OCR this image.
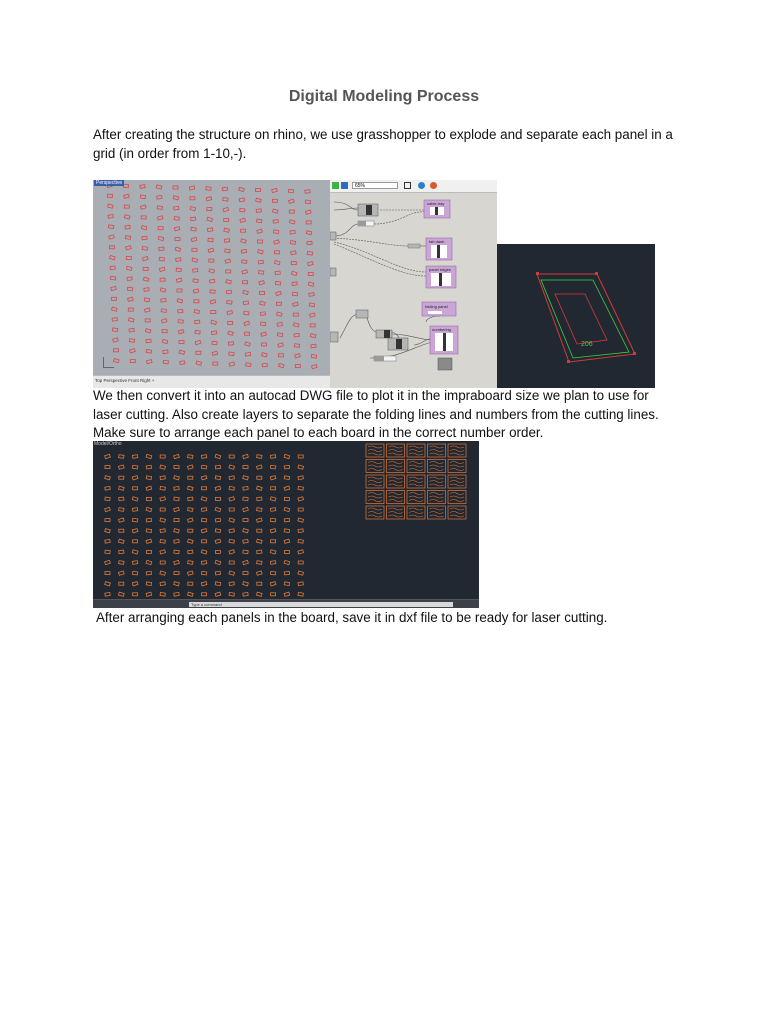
Digital Modeling Process
After creating the structure on rhino, we use grasshopper to explode and separate each panel in a grid (in order from 1-10,-).
Perspective
Top Perspective Front Right +
cable tray
tab dash
panel edges
folding panel
numbering
65%
206
We then convert it into an autocad DWG file to plot it in the impraboard size we plan to use for laser cutting. Also create layers to separate the folding lines and numbers from the cutting lines. Make sure to arrange each panel to each board in the correct number order.
Model/Ortho
Type a command
After arranging each panels in the board, save it in dxf file to be ready for laser cutting.
